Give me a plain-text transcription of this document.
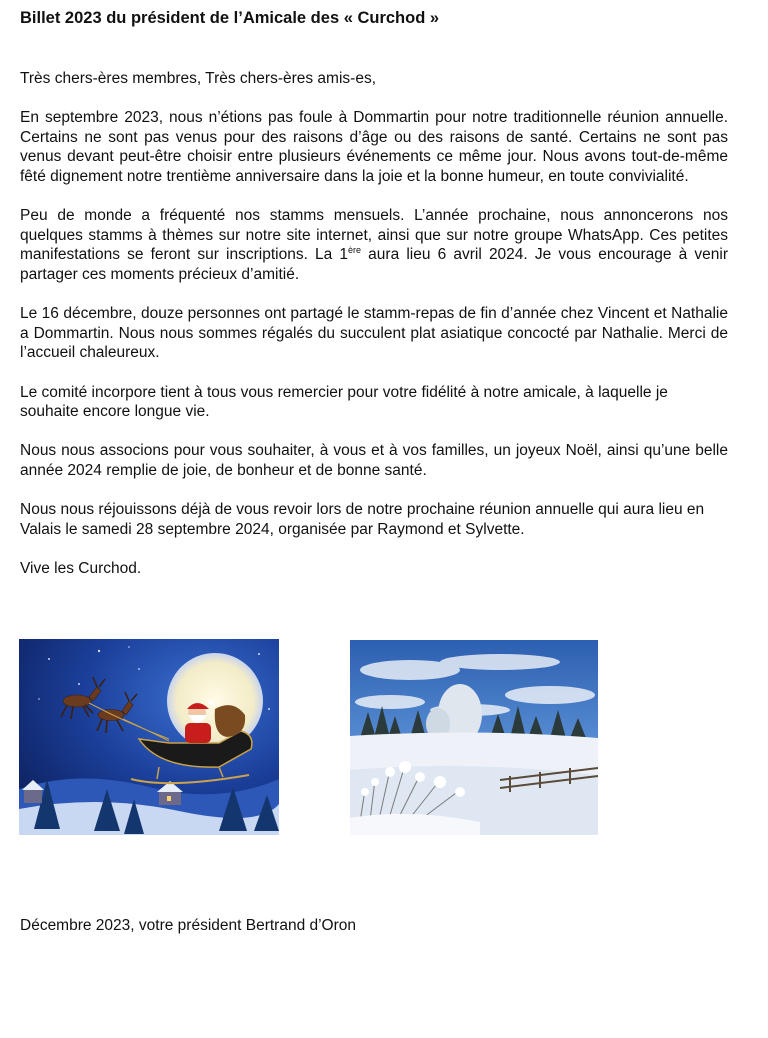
Billet 2023 du président de l’Amicale des « Curchod »

Très chers-ères membres, Très chers-ères amis-es,

En septembre 2023, nous n’étions pas foule à Dommartin pour notre traditionnelle réunion annuelle. Certains ne sont pas venus pour des raisons d’âge ou des raisons de santé. Certains ne sont pas venus devant peut-être choisir entre plusieurs événements ce même jour. Nous avons tout-de-même fêté dignement notre trentième anniversaire dans la joie et la bonne humeur, en toute convivialité.

Peu de monde a fréquenté nos stamms mensuels. L’année prochaine, nous annoncerons nos quelques stamms à thèmes sur notre site internet, ainsi que sur notre groupe WhatsApp. Ces petites manifestations se feront sur inscriptions. La 1ère aura lieu 6 avril 2024. Je vous encourage à venir partager ces moments précieux d’amitié.

Le 16 décembre, douze personnes ont partagé le stamm-repas de fin d’année chez Vincent et Nathalie a Dommartin. Nous nous sommes régalés du succulent plat asiatique concocté par Nathalie. Merci de l’accueil chaleureux.

Le comité incorpore tient à tous vous remercier pour votre fidélité à notre amicale, à laquelle je souhaite encore longue vie.

Nous nous associons pour vous souhaiter, à vous et à vos familles, un joyeux Noël, ainsi qu’une belle année 2024 remplie de joie, de bonheur et de bonne santé.

Nous nous réjouissons déjà de vous revoir lors de notre prochaine réunion annuelle qui aura lieu en Valais le samedi 28 septembre 2024, organisée par Raymond et Sylvette.

Vive les Curchod.

Décembre 2023, votre président Bertrand d’Oron
